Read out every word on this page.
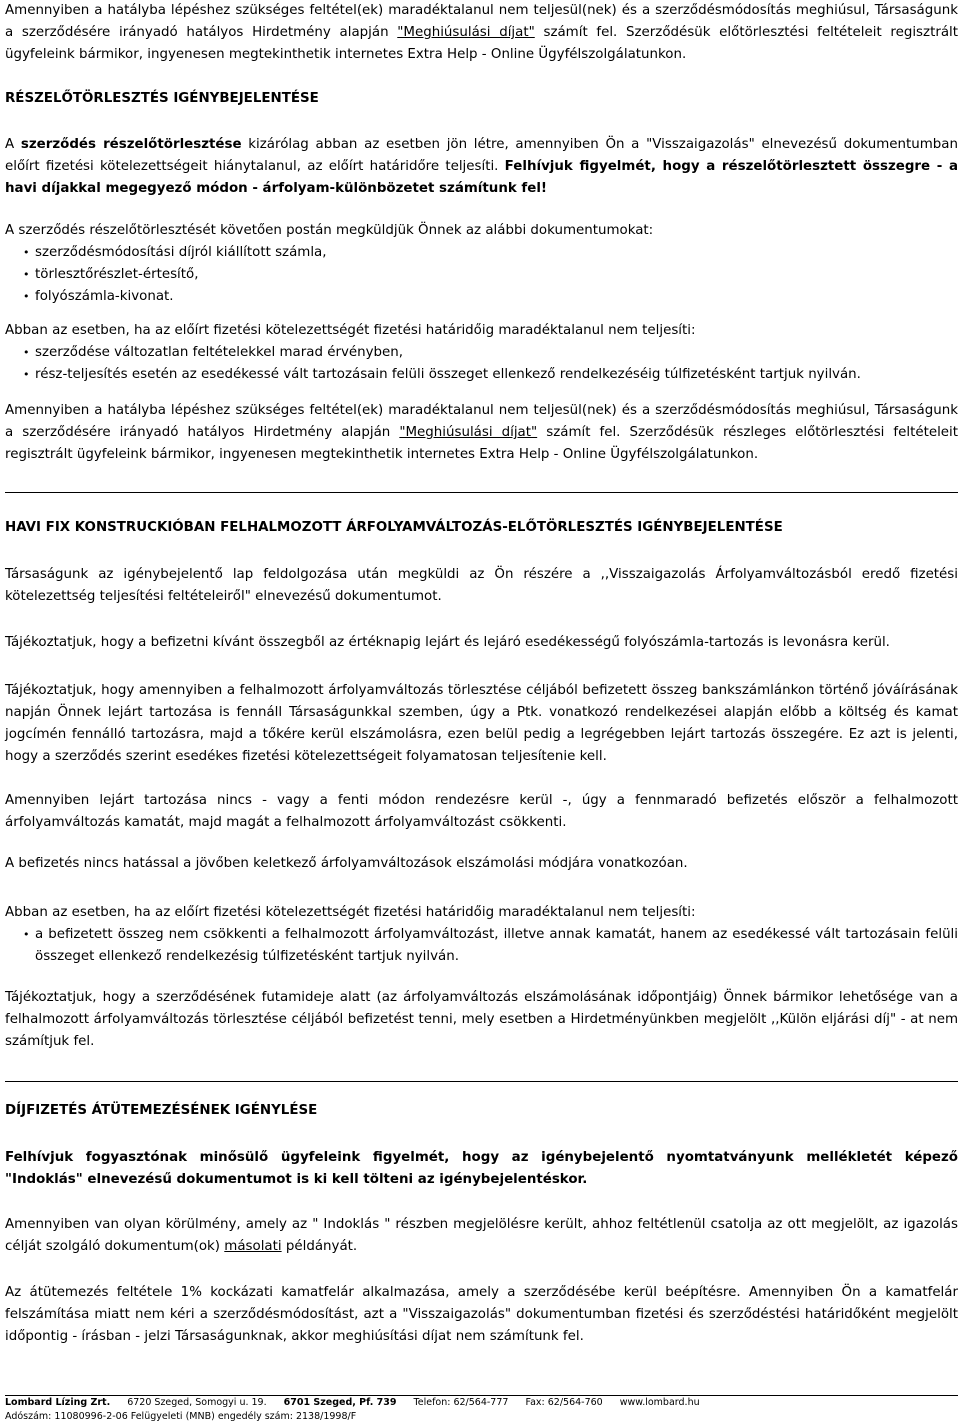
Amennyiben a hatályba lépéshez szükséges feltétel(ek) maradéktalanul nem teljesül(nek) és a szerződésmódosítás meghiúsul, Társaságunk a szerződésére irányadó hatályos Hirdetmény alapján "Meghiúsulási díjat" számít fel. Szerződésük előtörlesztési feltételeit regisztrált ügyfeleink bármikor, ingyenesen megtekinthetik internetes Extra Help - Online Ügyfélszolgálatunkon.

RÉSZELŐTÖRLESZTÉS IGÉNYBEJELENTÉSE

A szerződés részelőtörlesztése kizárólag abban az esetben jön létre, amennyiben Ön a "Visszaigazolás" elnevezésű dokumentumban előírt fizetési kötelezettségeit hiánytalanul, az előírt határidőre teljesíti. Felhívjuk figyelmét, hogy a részelőtörlesztett összegre - a havi díjakkal megegyező módon - árfolyam-különbözetet számítunk fel!

A szerződés részelőtörlesztését követően postán megküldjük Önnek az alábbi dokumentumokat:

• szerződésmódosítási díjról kiállított számla,
• törlesztőrészlet-értesítő,
• folyószámla-kivonat.

Abban az esetben, ha az előírt fizetési kötelezettségét fizetési határidőig maradéktalanul nem teljesíti:

• szerződése változatlan feltételekkel marad érvényben,
• rész-teljesítés esetén az esedékessé vált tartozásain felüli összeget ellenkező rendelkezéséig túlfizetésként tartjuk nyilván.

Amennyiben a hatályba lépéshez szükséges feltétel(ek) maradéktalanul nem teljesül(nek) és a szerződésmódosítás meghiúsul, Társaságunk a szerződésére irányadó hatályos Hirdetmény alapján "Meghiúsulási díjat" számít fel. Szerződésük részleges előtörlesztési feltételeit regisztrált ügyfeleink bármikor, ingyenesen megtekinthetik internetes Extra Help - Online Ügyfélszolgálatunkon.

HAVI FIX KONSTRUCKIÓBAN FELHALMOZOTT ÁRFOLYAMVÁLTOZÁS-ELŐTÖRLESZTÉS IGÉNYBEJELENTÉSE

Társaságunk az igénybejelentő lap feldolgozása után megküldi az Ön részére a ,,Visszaigazolás Árfolyamváltozásból eredő fizetési kötelezettség teljesítési feltételeiről" elnevezésű dokumentumot.

Tájékoztatjuk, hogy a befizetni kívánt összegből az értéknapig lejárt és lejáró esedékességű folyószámla-tartozás is levonásra kerül.

Tájékoztatjuk, hogy amennyiben a felhalmozott árfolyamváltozás törlesztése céljából befizetett összeg bankszámlánkon történő jóváírásának napján Önnek lejárt tartozása is fennáll Társaságunkkal szemben, úgy a Ptk. vonatkozó rendelkezései alapján előbb a költség és kamat jogcímén fennálló tartozásra, majd a tőkére kerül elszámolásra, ezen belül pedig a legrégebben lejárt tartozás összegére. Ez azt is jelenti, hogy a szerződés szerint esedékes fizetési kötelezettségeit folyamatosan teljesítenie kell.

Amennyiben lejárt tartozása nincs - vagy a fenti módon rendezésre kerül -, úgy a fennmaradó befizetés először a felhalmozott árfolyamváltozás kamatát, majd magát a felhalmozott árfolyamváltozást csökkenti.

A befizetés nincs hatással a jövőben keletkező árfolyamváltozások elszámolási módjára vonatkozóan.

Abban az esetben, ha az előírt fizetési kötelezettségét fizetési határidőig maradéktalanul nem teljesíti:

• a befizetett összeg nem csökkenti a felhalmozott árfolyamváltozást, illetve annak kamatát, hanem az esedékessé vált tartozásain felüli összeget ellenkező rendelkezésig túlfizetésként tartjuk nyilván.

Tájékoztatjuk, hogy a szerződésének futamideje alatt (az árfolyamváltozás elszámolásának időpontjáig) Önnek bármikor lehetősége van a felhalmozott árfolyamváltozás törlesztése céljából befizetést tenni, mely esetben a Hirdetményünkben megjelölt ,,Külön eljárási díj" - at nem számítjuk fel.

DÍJFIZETÉS ÁTÜTEMEZÉSÉNEK IGÉNYLÉSE

Felhívjuk fogyasztónak minősülő ügyfeleink figyelmét, hogy az igénybejelentő nyomtatványunk mellékletét képező "Indoklás" elnevezésű dokumentumot is ki kell tölteni az igénybejelentéskor.

Amennyiben van olyan körülmény, amely az " Indoklás " részben megjelölésre került, ahhoz feltétlenül csatolja az ott megjelölt, az igazolás célját szolgáló dokumentum(ok) másolati példányát.

Az átütemezés feltétele 1% kockázati kamatfelár alkalmazása, amely a szerződésébe kerül beépítésre. Amennyiben Ön a kamatfelár felszámítása miatt nem kéri a szerződésmódosítást, azt a "Visszaigazolás" dokumentumban fizetési és szerződéstési határidőként megjelölt időpontig - írásban - jelzi Társaságunknak, akkor meghiúsítási díjat nem számítunk fel.

Lombard Lízing Zrt. 6720 Szeged, Somogyi u. 19. 6701 Szeged, Pf. 739 Telefon: 62/564-777 Fax: 62/564-760 www.lombard.hu
Adószám: 11080996-2-06 Felügyeleti (MNB) engedély szám: 2138/1998/F
